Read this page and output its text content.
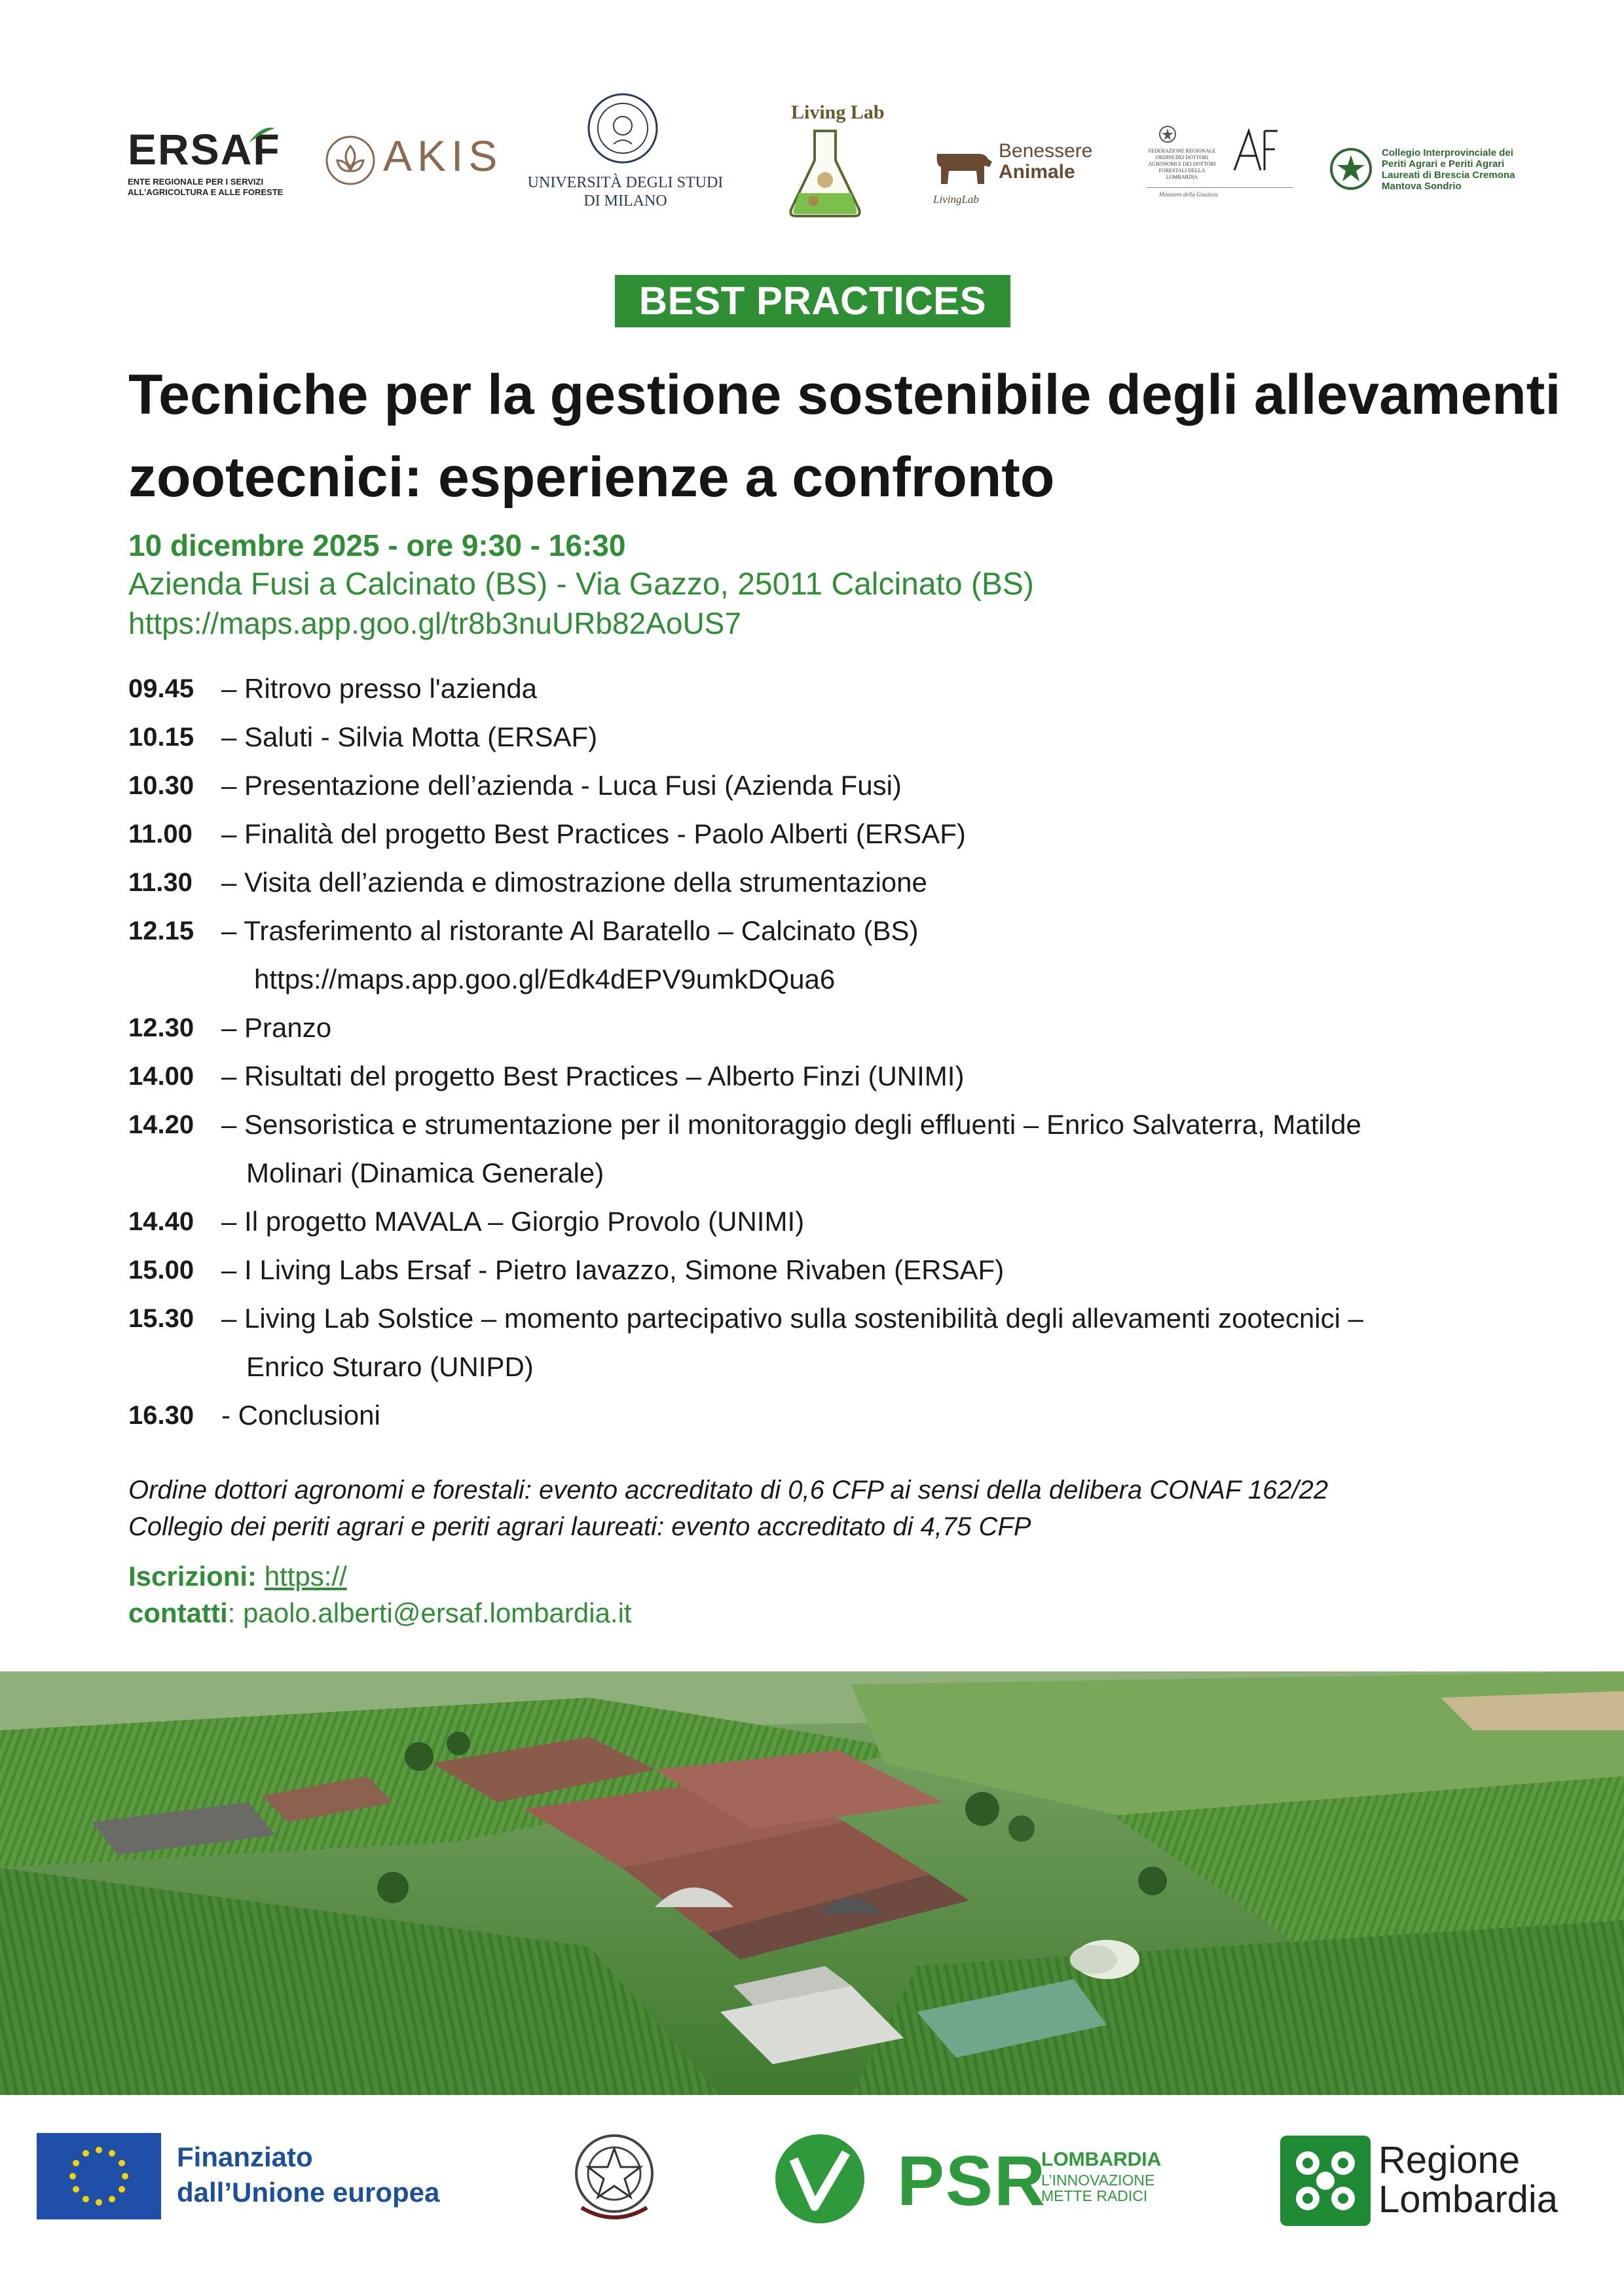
ERSAF
ENTE REGIONALE PER I SERVIZI ALL'AGRICOLTURA E ALLE FORESTE
AKIS
UNIVERSITÀ DEGLI STUDI DI MILANO
Living Lab
Benessere
Animale
LivingLab
FEDERAZIONE REGIONALE ORDINI DEI DOTTORI AGRONOMI E DEI DOTTORI FORESTALI DELLA LOMBARDIA
Ministero della Giustizia
Collegio Interprovinciale dei Periti Agrari e Periti Agrari Laureati di Brescia Cremona Mantova Sondrio
BEST PRACTICES
Tecniche per la gestione sostenibile degli allevamenti zootecnici: esperienze a confronto
10 dicembre 2025 - ore 9:30 - 16:30
Azienda Fusi a Calcinato (BS) - Via Gazzo, 25011 Calcinato (BS)
https://maps.app.goo.gl/tr8b3nuURb82AoUS7
09.45 – Ritrovo presso l'azienda
10.15 – Saluti - Silvia Motta (ERSAF)
10.30 – Presentazione dell’azienda - Luca Fusi (Azienda Fusi)
11.00	– Finalità del progetto Best Practices - Paolo Alberti (ERSAF)
11.30	– Visita dell’azienda e dimostrazione della strumentazione
12.15 – Trasferimento al ristorante Al Baratello – Calcinato (BS)
https://maps.app.goo.gl/Edk4dEPV9umkDQua6
12.30 – Pranzo
14.00 – Risultati del progetto Best Practices – Alberto Finzi (UNIMI)
14.20 – Sensoristica e strumentazione per il monitoraggio degli effluenti – Enrico Salvaterra, Matilde
Molinari (Dinamica Generale)
14.40 – Il progetto MAVALA – Giorgio Provolo (UNIMI)
15.00 – I Living Labs Ersaf - Pietro Iavazzo, Simone Rivaben (ERSAF)
15.30 – Living Lab Solstice – momento partecipativo sulla sostenibilità degli allevamenti zootecnici –
Enrico Sturaro (UNIPD)
16.30 - Conclusioni
Ordine dottori agronomi e forestali: evento accreditato di 0,6 CFP ai sensi della delibera CONAF 162/22
Collegio dei periti agrari e periti agrari laureati: evento accreditato di 4,75 CFP
Iscrizioni: https://
contatti: paolo.alberti@ersaf.lombardia.it
Finanziato
dall’Unione europea	PSR
LOMBARDIA
L’INNOVAZIONE
METTE RADICI
Regione
Lombardia
